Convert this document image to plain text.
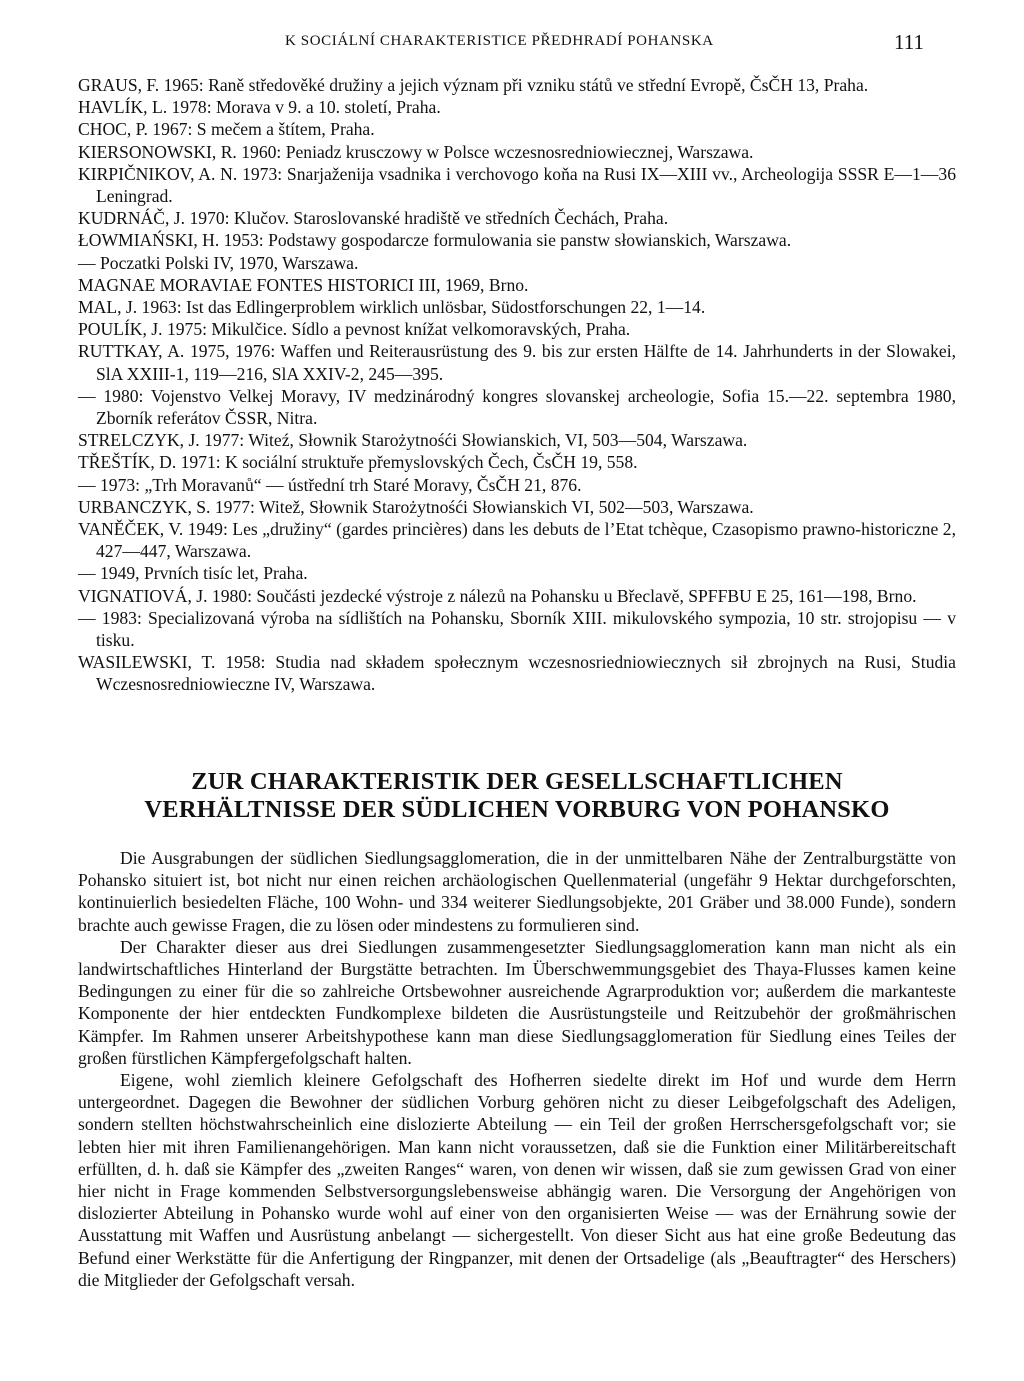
K SOCIÁLNÍ CHARAKTERISTICE PŘEDHRADÍ POHANSKA	111

GRAUS, F. 1965: Raně středověké družiny a jejich význam při vzniku států ve střední Evropě, ČsČH 13, Praha.

HAVLÍK, L. 1978: Morava v 9. a 10. století, Praha.

CHOC, P. 1967: S mečem a štítem, Praha.

KIERSONOWSKI, R. 1960: Peniadz krusczowy w Polsce wczesnosredniowiecznej, Warszawa.

KIRPIČNIKOV, A. N. 1973: Snarjaženija vsadnika i verchovogo koňa na Rusi IX—XIII vv., Archeologija SSSR E—1—36 Leningrad.

KUDRNÁČ, J. 1970: Klučov. Staroslovanské hradiště ve středních Čechách, Praha.

ŁOWMIAŃSKI, H. 1953: Podstawy gospodarcze formulowania sie panstw słowianskich, Warszawa.

— Poczatki Polski IV, 1970, Warszawa.

MAGNAE MORAVIAE FONTES HISTORICI III, 1969, Brno.

MAL, J. 1963: Ist das Edlingerproblem wirklich unlösbar, Südostforschungen 22, 1—14.

POULÍK, J. 1975: Mikulčice. Sídlo a pevnost knížat velkomoravských, Praha.

RUTTKAY, A. 1975, 1976: Waffen und Reiterausrüstung des 9. bis zur ersten Hälfte de 14. Jahrhunderts in der Slowakei, SlA XXIII-1, 119—216, SlA XXIV-2, 245—395.

— 1980: Vojenstvo Velkej Moravy, IV medzinárodný kongres slovanskej archeologie, Sofia 15.—22. septembra 1980, Zborník referátov ČSSR, Nitra.

STRELCZYK, J. 1977: Witeź, Słownik Starożytnośći Słowianskich, VI, 503—504, Warszawa.

TŘEŠTÍK, D. 1971: K sociální struktuře přemyslovských Čech, ČsČH 19, 558.

— 1973: „Trh Moravanů“ — ústřední trh Staré Moravy, ČsČH 21, 876.

URBANCZYK, S. 1977: Witež, Słownik Starożytnośći Słowianskich VI, 502—503, Warszawa.

VANĚČEK, V. 1949: Les „družiny“ (gardes princières) dans les debuts de l’Etat tchèque, Czasopismo prawno-historiczne 2, 427—447, Warszawa.

— 1949, Prvních tisíc let, Praha.

VIGNATIOVÁ, J. 1980: Součásti jezdecké výstroje z nálezů na Pohansku u Břeclavě, SPFFBU E 25, 161—198, Brno.

— 1983: Specializovaná výroba na sídlištích na Pohansku, Sborník XIII. mikulovského sympozia, 10 str. strojopisu — v tisku.

WASILEWSKI, T. 1958: Studia nad składem społecznym wczesnosriedniowiecznych sił zbrojnych na Rusi, Studia Wczesnosredniowieczne IV, Warszawa.

ZUR CHARAKTERISTIK DER GESELLSCHAFTLICHEN
VERHÄLTNISSE DER SÜDLICHEN VORBURG VON POHANSKO

Die Ausgrabungen der südlichen Siedlungsagglomeration, die in der unmittelbaren Nähe der Zentralburgstätte von Pohansko situiert ist, bot nicht nur einen reichen archäologischen Quellenmaterial (ungefähr 9 Hektar durchgeforschten, kontinuierlich besiedelten Fläche, 100 Wohn- und 334 weiterer Siedlungsobjekte, 201 Gräber und 38.000 Funde), sondern brachte auch gewisse Fragen, die zu lösen oder mindestens zu formulieren sind.

Der Charakter dieser aus drei Siedlungen zusammengesetzter Siedlungsagglomeration kann man nicht als ein landwirtschaftliches Hinterland der Burgstätte betrachten. Im Überschwemmungsgebiet des Thaya-Flusses kamen keine Bedingungen zu einer für die so zahlreiche Ortsbewohner ausreichende Agrarproduktion vor; außerdem die markanteste Komponente der hier entdeckten Fundkomplexe bildeten die Ausrüstungsteile und Reitzubehör der großmährischen Kämpfer. Im Rahmen unserer Arbeitshypothese kann man diese Siedlungsagglomeration für Siedlung eines Teiles der großen fürstlichen Kämpfergefolgschaft halten.

Eigene, wohl ziemlich kleinere Gefolgschaft des Hofherren siedelte direkt im Hof und wurde dem Herrn untergeordnet. Dagegen die Bewohner der südlichen Vorburg gehören nicht zu dieser Leibgefolgschaft des Adeligen, sondern stellten höchstwahrscheinlich eine dislozierte Abteilung — ein Teil der großen Herrschersgefolgschaft vor; sie lebten hier mit ihren Familienangehörigen. Man kann nicht voraussetzen, daß sie die Funktion einer Militärbereitschaft erfüllten, d. h. daß sie Kämpfer des „zweiten Ranges“ waren, von denen wir wissen, daß sie zum gewissen Grad von einer hier nicht in Frage kommenden Selbstversorgungslebensweise abhängig waren. Die Versorgung der Angehörigen von dislozierter Abteilung in Pohansko wurde wohl auf einer von den organisierten Weise — was der Ernährung sowie der Ausstattung mit Waffen und Ausrüstung anbelangt — sichergestellt. Von dieser Sicht aus hat eine große Bedeutung das Befund einer Werkstätte für die Anfertigung der Ringpanzer, mit denen der Ortsadelige (als „Beauftragter“ des Herschers) die Mitglieder der Gefolgschaft versah.
